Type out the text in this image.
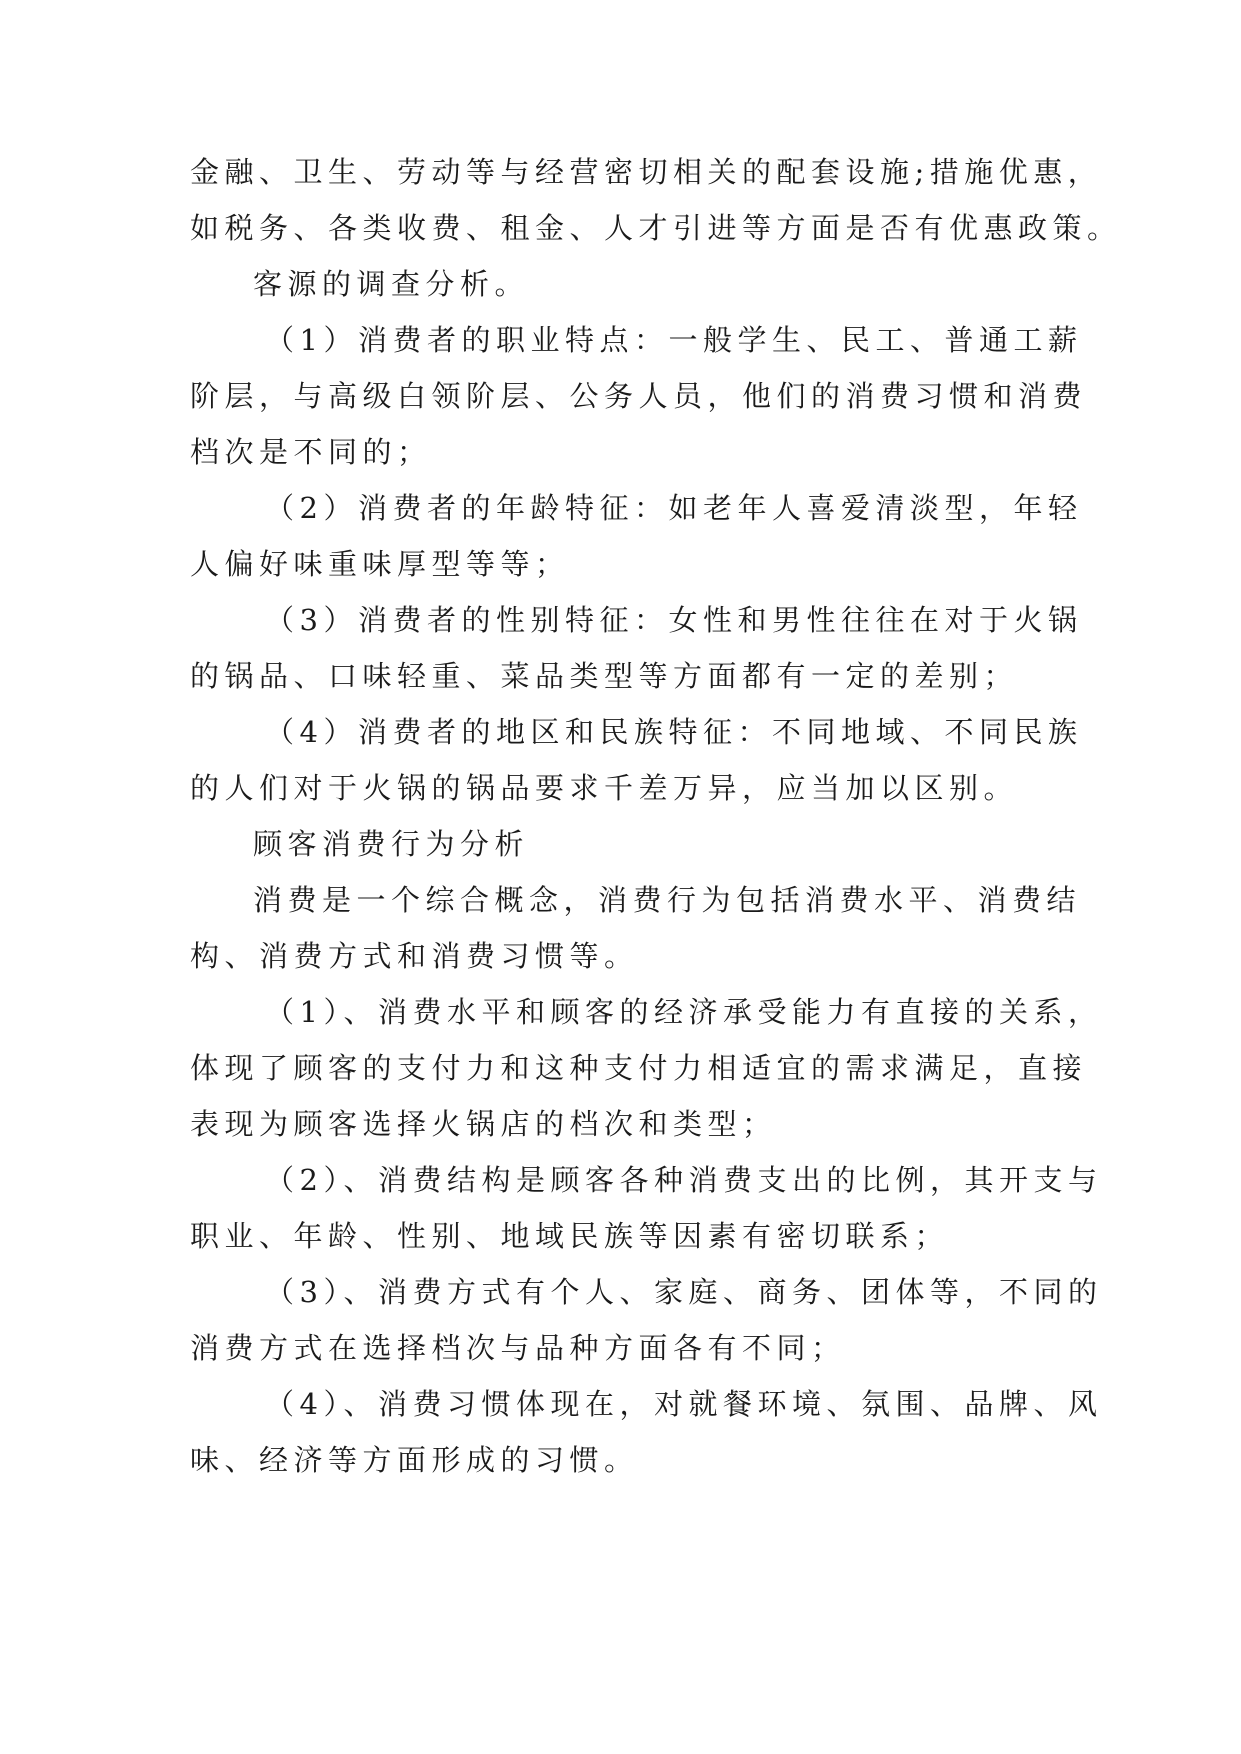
金融、卫生、劳动等与经营密切相关的配套设施;措施优惠，
如税务、各类收费、租金、人才引进等方面是否有优惠政策。
客源的调查分析。
（1）消费者的职业特点：一般学生、民工、普通工薪
阶层，与高级白领阶层、公务人员，他们的消费习惯和消费
档次是不同的；
（2）消费者的年龄特征：如老年人喜爱清淡型，年轻
人偏好味重味厚型等等；
（3）消费者的性别特征：女性和男性往往在对于火锅
的锅品、口味轻重、菜品类型等方面都有一定的差别；
（4）消费者的地区和民族特征：不同地域、不同民族
的人们对于火锅的锅品要求千差万异，应当加以区别。
顾客消费行为分析
消费是一个综合概念，消费行为包括消费水平、消费结
构、消费方式和消费习惯等。
（1）、消费水平和顾客的经济承受能力有直接的关系，
体现了顾客的支付力和这种支付力相适宜的需求满足，直接
表现为顾客选择火锅店的档次和类型；
（2）、消费结构是顾客各种消费支出的比例，其开支与
职业、年龄、性别、地域民族等因素有密切联系；
（3）、消费方式有个人、家庭、商务、团体等，不同的
消费方式在选择档次与品种方面各有不同；
（4）、消费习惯体现在，对就餐环境、氛围、品牌、风
味、经济等方面形成的习惯。
